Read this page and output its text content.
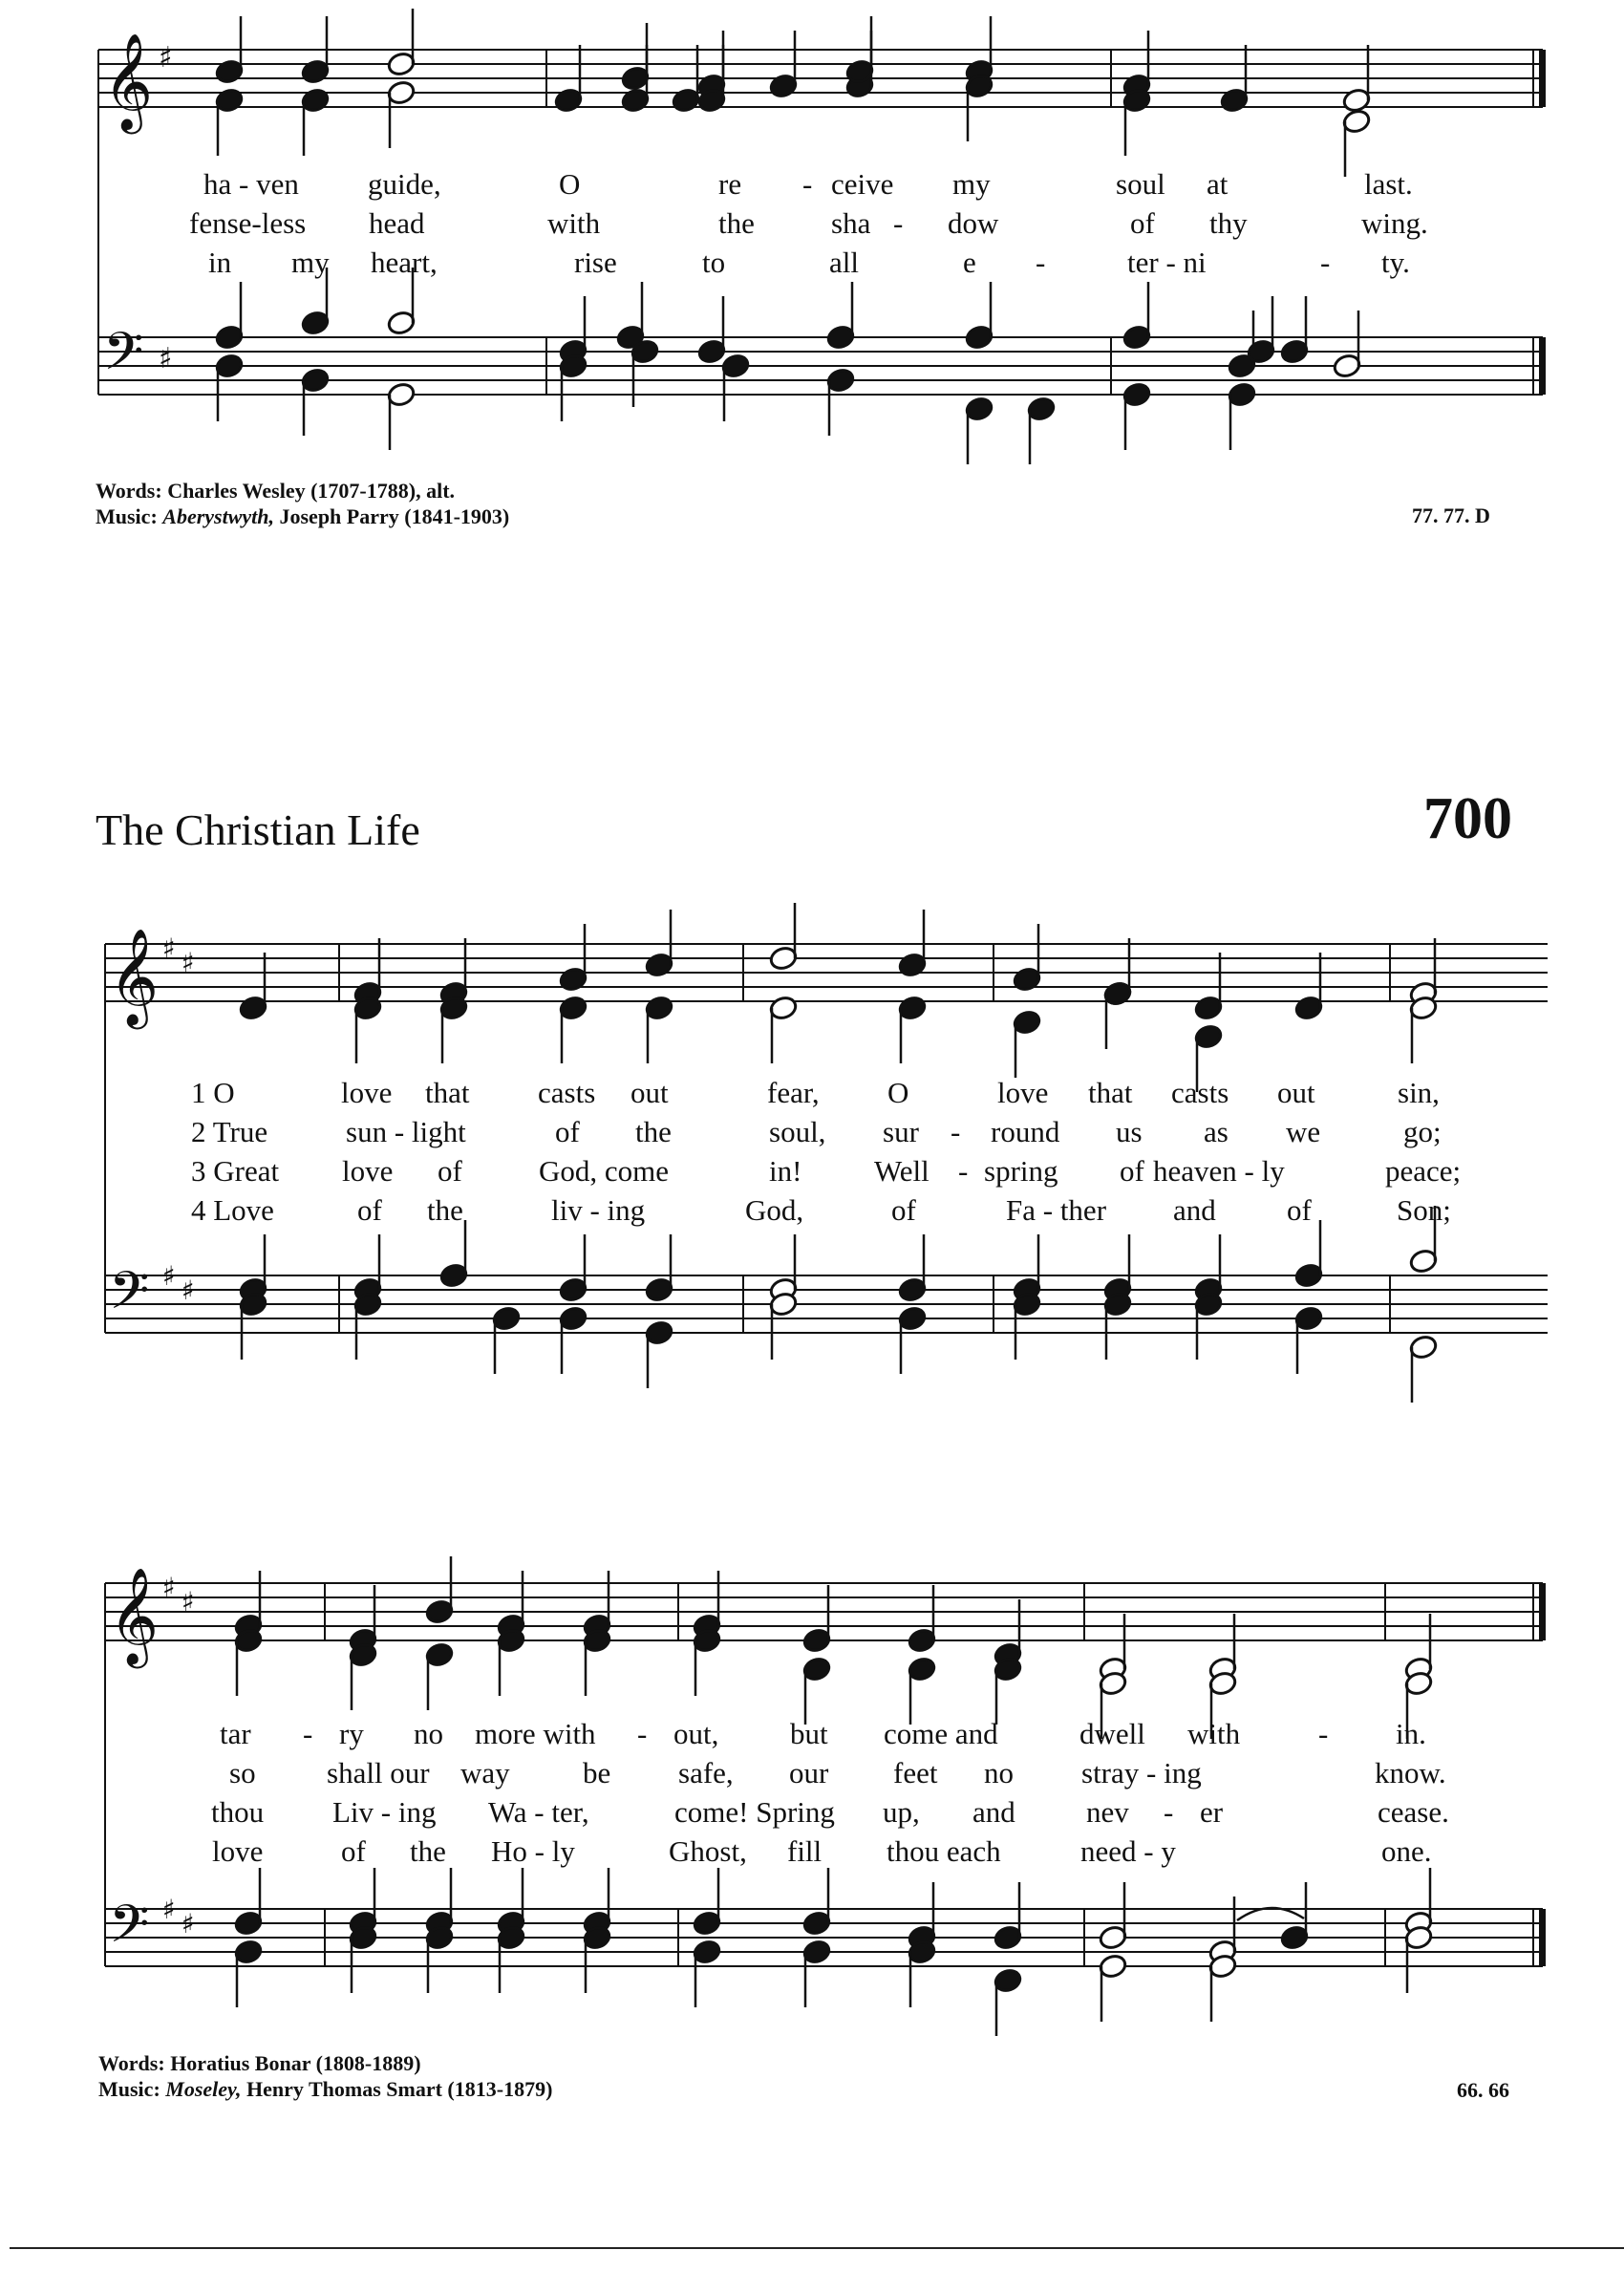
𝄞
𝄢
♯
♯
𝄞
𝄢
♯ ♯
♯ ♯
𝄞
𝄢
♯ ♯
♯ ♯
ha - ven guide,	O	re - ceive my	soul at	last.
fense-less head	with	the	sha - dow	of thy	wing.
in my heart,	rise	to	all	e -	ter - ni	- ty.
Words: Charles Wesley (1707-1788), alt.
Music: Aberystwyth, Joseph Parry (1841-1903)	77. 77. D
The Christian Life	700
1 O	love that casts out	fear, O	love that casts out	sin,
2 True	sun - light	of the	soul, sur - round us as we	go;
3 Great love of	God, come	in! Well - spring of heaven - ly	peace;
4 Love	of the	liv - ing	God,	of	Fa - ther and of	Son;
tar - ry no more with - out, but come and	dwell with	- in.
so shall our way be safe, our feet no stray - ing	know.
thou Liv - ing Wa - ter,	come! Spring up, and nev - er	cease.
love	of the Ho - ly	Ghost, fill thou each	need - y	one.
Words: Horatius Bonar (1808-1889)
Music: Moseley, Henry Thomas Smart (1813-1879)	66. 66
